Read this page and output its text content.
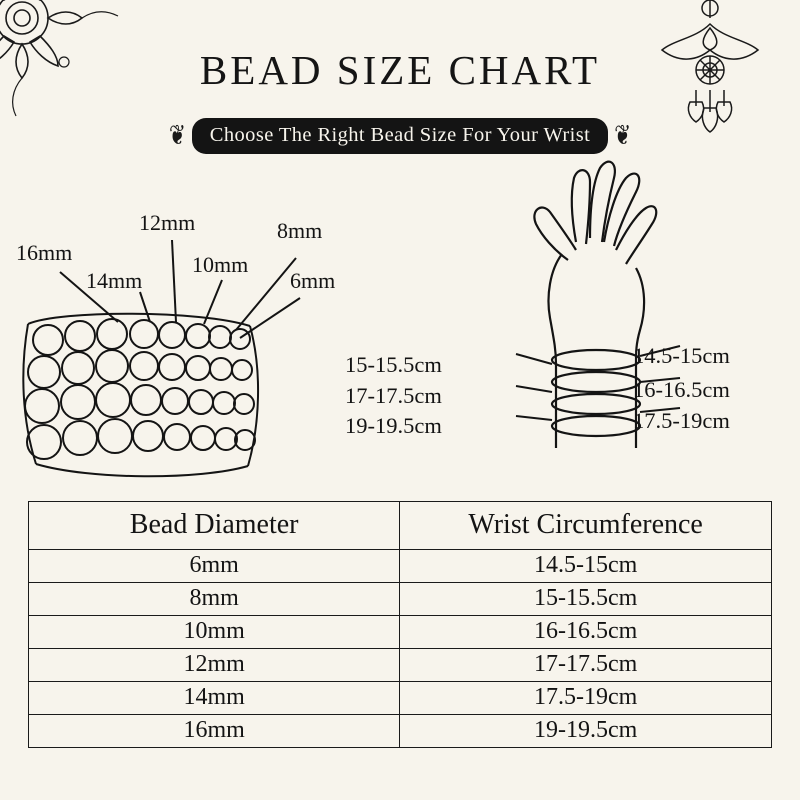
BEAD SIZE CHART
❦	Choose The Right Bead Size For Your Wrist	❦
16mm
14mm
12mm
10mm
8mm
6mm
15-15.5cm
17-17.5cm
19-19.5cm
14.5-15cm
16-16.5cm
17.5-19cm
Bead Diameter	Wrist Circumference
6mm	14.5-15cm
8mm	15-15.5cm
10mm	16-16.5cm
12mm	17-17.5cm
14mm	17.5-19cm
16mm	19-19.5cm
